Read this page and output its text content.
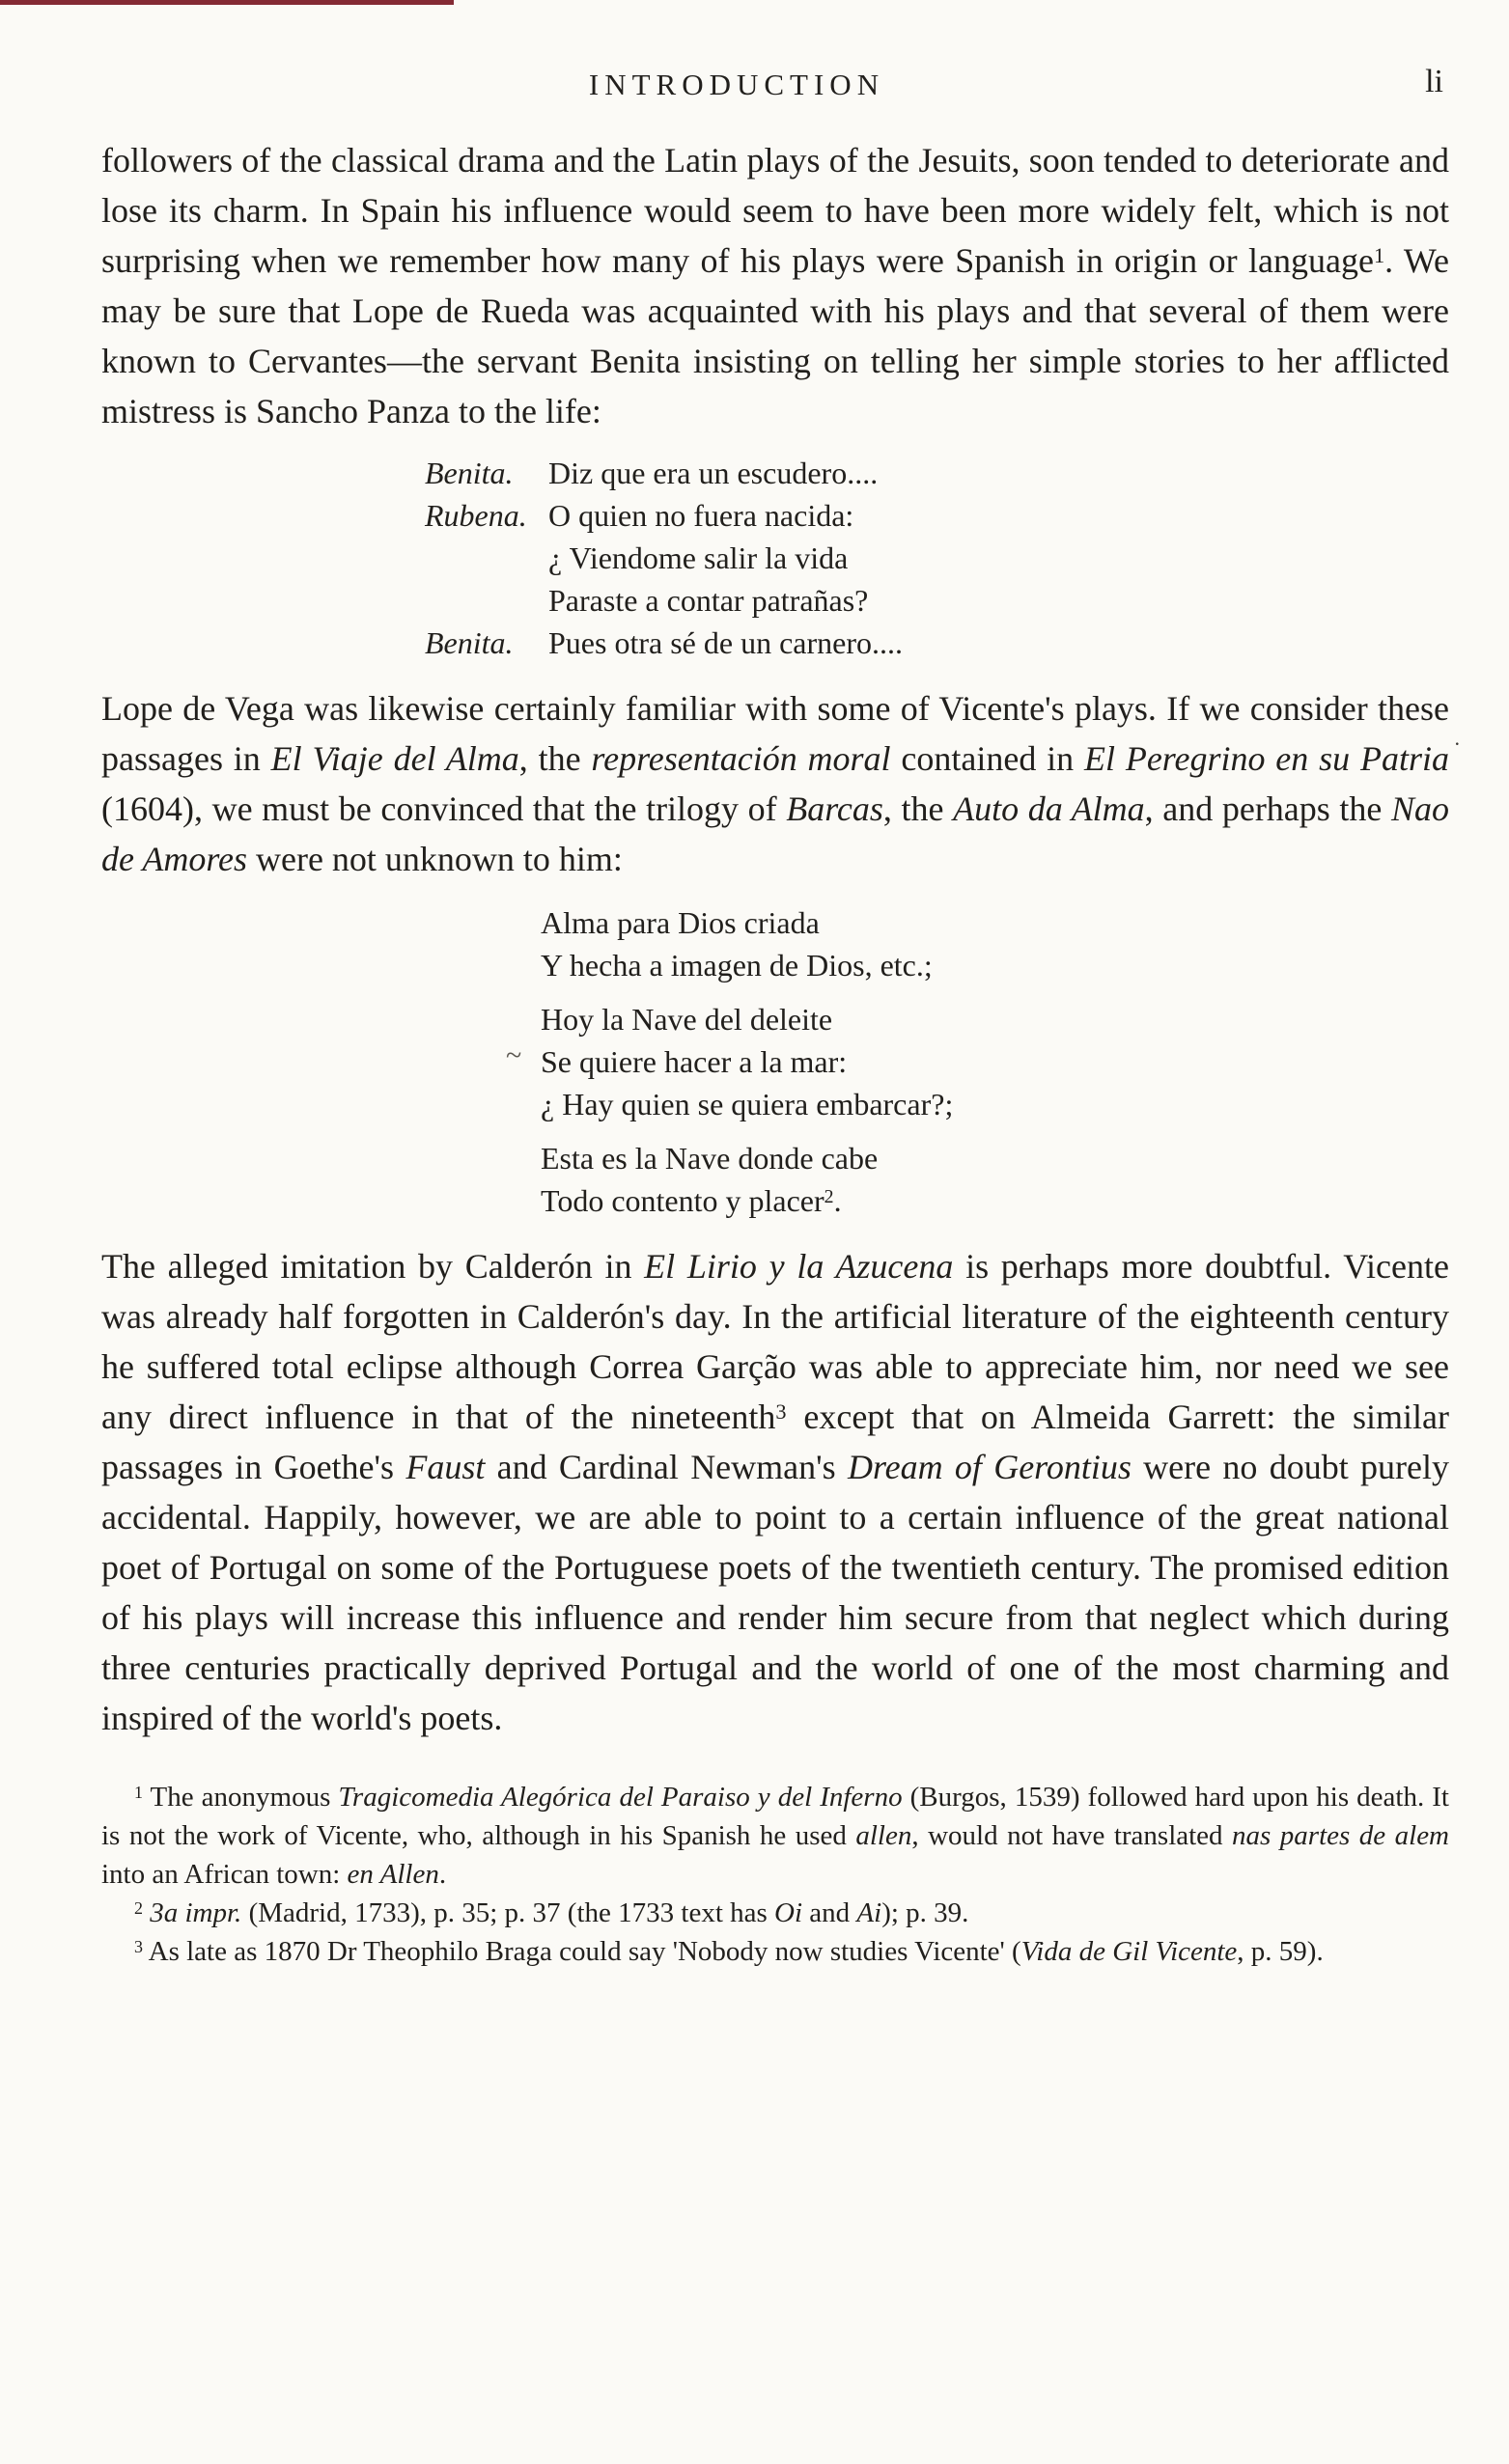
INTRODUCTION	li

followers of the classical drama and the Latin plays of the Jesuits, soon tended to deteriorate and lose its charm. In Spain his influence would seem to have been more widely felt, which is not surprising when we remember how many of his plays were Spanish in origin or language$^1$. We may be sure that Lope de Rueda was acquainted with his plays and that several of them were known to Cervantes—the servant Benita insisting on telling her simple stories to her afflicted mistress is Sancho Panza to the life:

Benita.	Diz que era un escudero....
Rubena. O quien no fuera nacida:
¿ Viendome salir la vida
Paraste a contar patrañas?
Benita.	Pues otra sé de un carnero....

Lope de Vega was likewise certainly familiar with some of Vicente's plays. If we consider these passages in El Viaje del Alma, the representación moral contained in El Peregrino en su Patria (1604), we must be convinced that the trilogy of Barcas, the Auto da Alma, and perhaps the Nao de Amores were not unknown to him:

Alma para Dios criada
Y hecha a imagen de Dios, etc.;
Hoy la Nave del deleite
~ Se quiere hacer a la mar:
¿ Hay quien se quiera embarcar?;
Esta es la Nave donde cabe
Todo contento y placer$^2$.

The alleged imitation by Calderón in El Lirio y la Azucena is perhaps more doubtful. Vicente was already half forgotten in Calderón's day. In the artificial literature of the eighteenth century he suffered total eclipse although Correa Garção was able to appreciate him, nor need we see any direct influence in that of the nineteenth$^3$ except that on Almeida Garrett: the similar passages in Goethe's Faust and Cardinal Newman's Dream of Gerontius were no doubt purely accidental. Happily, however, we are able to point to a certain influence of the great national poet of Portugal on some of the Portuguese poets of the twentieth century. The promised edition of his plays will increase this influence and render him secure from that neglect which during three centuries practically deprived Portugal and the world of one of the most charming and inspired of the world's poets.

$^1$ The anonymous Tragicomedia Alegórica del Paraiso y del Inferno (Burgos, 1539) followed hard upon his death. It is not the work of Vicente, who, although in his Spanish he used allen, would not have translated nas partes de alem into an African town: en Allen.

$^2$ 3a impr. (Madrid, 1733), p. 35; p. 37 (the 1733 text has Oi and Ai); p. 39.

$^3$ As late as 1870 Dr Theophilo Braga could say 'Nobody now studies Vicente' (Vida de Gil Vicente, p. 59).

·
